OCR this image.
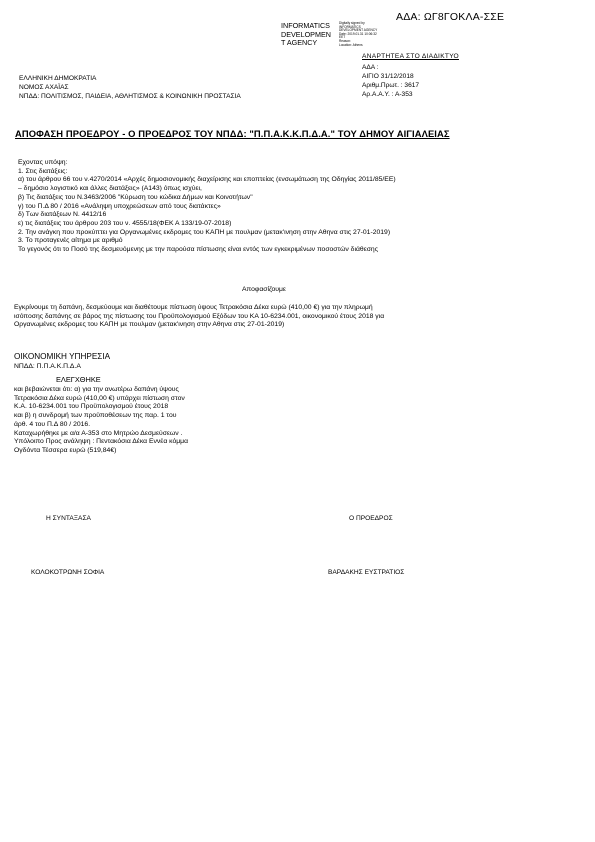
ΑΔΑ: ΩΓ8ΓΟΚΛΑ-ΣΣΕ
INFORMATICS
DEVELOPMEN
T AGENCY
Digitally signed by
INFORMATICS
DEVELOPMENT AGENCY
Date: 2019.01.31 10:06:32
EET
Reason:
Location: Athens
ΑΝΑΡΤΗΤΕΑ ΣΤΟ ΔΙΑΔΙΚΤΥΟ
ΑΔΑ :
ΑΙΓΙΟ 31/12/2018
Αριθμ.Πρωτ. : 3617
Αρ.Α.Α.Υ. : Α-353
ΕΛΛΗΝΙΚΗ ΔΗΜΟΚΡΑΤΙΑ
ΝΟΜΟΣ ΑΧΑΪΑΣ
ΝΠΔΔ: ΠΟΛΙΤΙΣΜΟΣ, ΠΑΙΔΕΙΑ, ΑΘΛΗΤΙΣΜΟΣ & ΚΟΙΝΩΝΙΚΗ ΠΡΟΣΤΑΣΙΑ
ΑΠΟΦΑΣΗ ΠΡΟΕΔΡΟΥ - Ο ΠΡΟΕΔΡΟΣ ΤΟΥ ΝΠΔΔ: "Π.Π.Α.Κ.Κ.Π.Δ.Α." ΤΟΥ ΔΗΜΟΥ ΑΙΓΙΑΛΕΙΑΣ
Εχοντας υπόψη:
1. Στις διατάξεις:
α) του άρθρου 66 του ν.4270/2014 «Αρχές δημοσιονομικής διαχείρισης και εποπτείας (ενσωμάτωση της Οδηγίας 2011/85/ΕΕ)
– δημόσιο λογιστικό και άλλες διατάξεις» (Α143) όπως ισχύει,
β) Τις διατάξεις του Ν.3463/2006 "Κύρωση του κώδικα Δήμων και Κοινοτήτων"
γ) του Π.Δ 80 / 2016 «Ανάληψη υποχρεώσεων από τους διατάκτες»
δ) Των διατάξεων Ν. 4412/16
ε) τις διατάξεις του άρθρου 203 του ν. 4555/18(ΦΕΚ Α 133/19-07-2018)
2. Την ανάγκη που προκύπτει για Οργανωμένες εκδρομες του ΚΑΠΗ με πουλμαν (μετακ'ινηση στην Αθηνα στις 27-01-2019)
3. Το προταγενές αίτημα με αριθμό
Το γεγονός ότι το Ποσό της δεσμευόμενης με την παρούσα πίστωσης είναι εντός των εγκεκριμένων ποσοστών διάθεσης
Αποφασίζουμε
Εγκρίνουμε τη δαπάνη, δεσμεύουμε και διαθέτουμε πίστωση ύψους Τετρακόσια Δέκα ευρώ (410,00 €) για την πληρωμή
ισόποσης δαπάνης σε βάρος της πίστωσης του Προϋπολογισμού Εξόδων του ΚΑ 10-6234.001, οικονομικού έτους 2018 για
Οργανωμένες εκδρομες του ΚΑΠΗ με πουλμαν (μετακ'ινηση στην Αθηνα στις 27-01-2019)
ΟΙΚΟΝΟΜΙΚΗ ΥΠΗΡΕΣΙΑ
ΝΠΔΔ: Π.Π.Α.Κ.Π.Δ.Α
ΕΛΕΓΧΘΗΚΕ
και βεβαιώνεται ότι: α) για την ανωτέρω δαπάνη ύψους
Τετρακόσια Δέκα ευρώ (410,00 €) υπάρχει πίστωση στον
Κ.Α. 10-6234.001 του Προϋπολογισμού έτους 2018
και β) η συνδρομή των προϋποθέσεων της παρ. 1 του
άρθ. 4 του Π.Δ 80 / 2016.
Καταχωρήθηκε με α/α Α-353 στο Μητρώο Δεσμεύσεων .
Υπόλοιπο Προς ανάληψη : Πεντακόσια Δέκα Εννέα κόμμα
Ογδόντα Τέσσερα ευρώ (519,84€)
Η ΣΥΝΤΑΞΑΣΑ	Ο ΠΡΟΕΔΡΟΣ
ΚΟΛΟΚΟΤΡΩΝΗ ΣΟΦΙΑ	ΒΑΡΔΑΚΗΣ ΕΥΣΤΡΑΤΙΟΣ
